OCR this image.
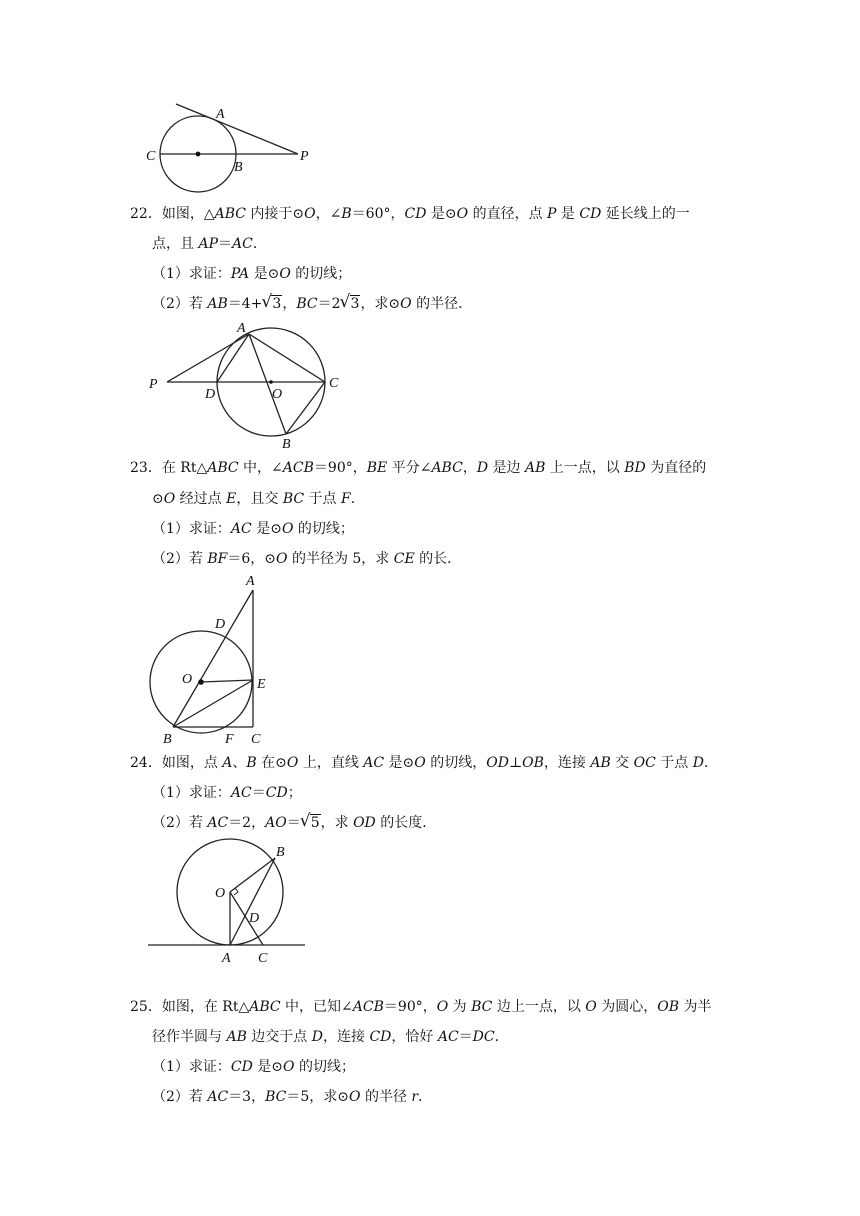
A
C
B
P
22．如图，△ABC 内接于⊙O，∠B＝60°，CD 是⊙O 的直径，点 P 是 CD 延长线上的一
点，且 AP＝AC．
（1）求证：PA 是⊙O 的切线；
（2）若 AB＝4+ √ 3，BC＝2 √ 3，求⊙O 的半径．
A
P
D	O
C
B
23．在 Rt△ABC 中，∠ACB＝90°，BE 平分∠ABC，D 是边 AB 上一点，以 BD 为直径的
⊙O 经过点 E，且交 BC 于点 F．
（1）求证：AC 是⊙O 的切线；
（2）若 BF＝6，⊙O 的半径为 5，求 CE 的长．
A
D
O	E
B	F C
24．如图，点 A、B 在⊙O 上，直线 AC 是⊙O 的切线，OD⊥OB，连接 AB 交 OC 于点 D．
（1）求证：AC＝CD；
（2）若 AC＝2，AO＝ √ 5，求 OD 的长度．
B
O
D
A C
25．如图，在 Rt△ABC 中，已知∠ACB＝90°，O 为 BC 边上一点，以 O 为圆心，OB 为半
径作半圆与 AB 边交于点 D，连接 CD，恰好 AC＝DC．
（1）求证：CD 是⊙O 的切线；
（2）若 AC＝3，BC＝5，求⊙O 的半径 r．
